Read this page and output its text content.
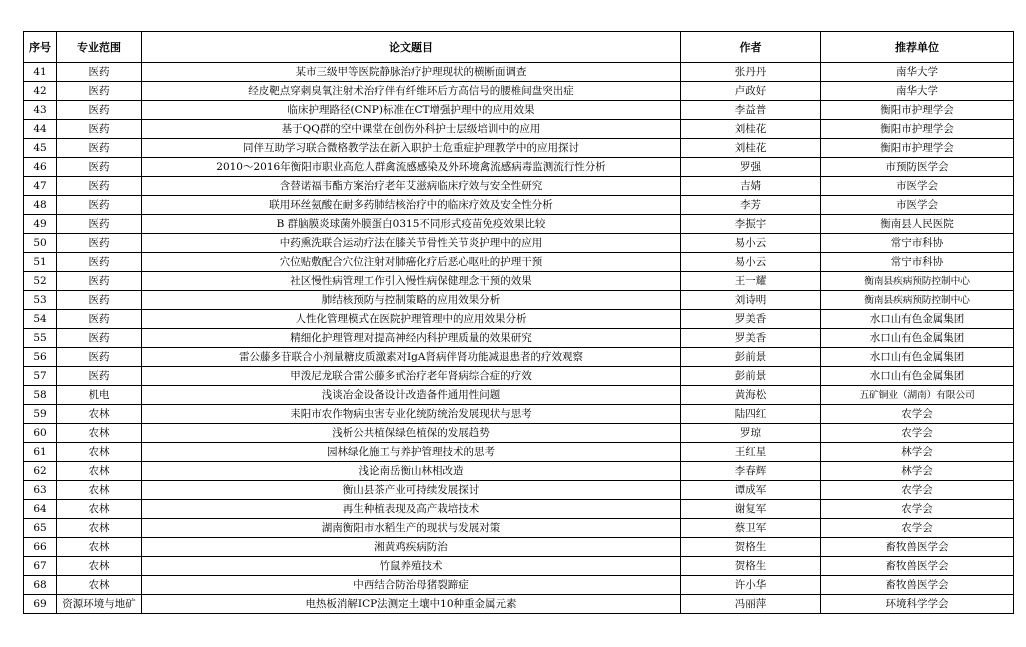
序号	专业范围	论文题目	作者	推荐单位
41	医药	某市三级甲等医院静脉治疗护理现状的横断面调查	张丹丹	南华大学
42	医药	经皮靶点穿刺臭氧注射术治疗伴有纤维环后方高信号的腰椎间盘突出症	卢政好	南华大学
43	医药	临床护理路径(CNP)标准在CT增强护理中的应用效果	李益普	衡阳市护理学会
44	医药	基于QQ群的空中课堂在创伤外科护士层级培训中的应用	刘桂花	衡阳市护理学会
45	医药	同伴互助学习联合微格教学法在新入职护士危重症护理教学中的应用探讨	刘桂花	衡阳市护理学会
46	医药	2010～2016年衡阳市职业高危人群禽流感感染及外环境禽流感病毒监测流行性分析	罗强	市预防医学会
47	医药	含替诺福韦酯方案治疗老年艾滋病临床疗效与安全性研究	吉婧	市医学会
48	医药	联用环丝氨酸在耐多药肺结核治疗中的临床疗效及安全性分析	李芳	市医学会
49	医药	B 群脑膜炎球菌外膜蛋白0315不同形式疫苗免疫效果比较	李振宇	衡南县人民医院
50	医药	中药熏洗联合运动疗法在膝关节骨性关节炎护理中的应用	易小云	常宁市科协
51	医药	穴位贴敷配合穴位注射对肺癌化疗后恶心呕吐的护理干预	易小云	常宁市科协
52	医药	社区慢性病管理工作引入慢性病保健理念干预的效果	王一耀	衡南县疾病预防控制中心
53	医药	肺结核预防与控制策略的应用效果分析	刘诗明	衡南县疾病预防控制中心
54	医药	人性化管理模式在医院护理管理中的应用效果分析	罗美香	水口山有色金属集团
55	医药	精细化护理管理对提高神经内科护理质量的效果研究	罗美香	水口山有色金属集团
56	医药	雷公藤多苷联合小剂量糖皮质激素对IgA肾病伴肾功能减退患者的疗效观察	彭前景	水口山有色金属集团
57	医药	甲泼尼龙联合雷公藤多甙治疗老年肾病综合症的疗效	彭前景	水口山有色金属集团
58	机电	浅谈冶金设备设计改造备件通用性问题	黄海松	五矿铜业（湖南）有限公司
59	农林	耒阳市农作物病虫害专业化统防统治发展现状与思考	陆四红	农学会
60	农林	浅析公共植保绿色植保的发展趋势	罗琼	农学会
61	农林	园林绿化施工与养护管理技术的思考	王红星	林学会
62	农林	浅论南岳衡山林相改造	李春辉	林学会
63	农林	衡山县茶产业可持续发展探讨	谭成军	农学会
64	农林	再生种植表现及高产栽培技术	谢复军	农学会
65	农林	湖南衡阳市水稻生产的现状与发展对策	蔡卫军	农学会
66	农林	湘黄鸡疾病防治	贺格生	畜牧兽医学会
67	农林	竹鼠养殖技术	贺格生	畜牧兽医学会
68	农林	中西结合防治母猪裂蹄症	许小华	畜牧兽医学会
69	资源环境与地矿	电热板消解ICP法测定土壤中10种重金属元素	冯丽萍	环境科学学会
